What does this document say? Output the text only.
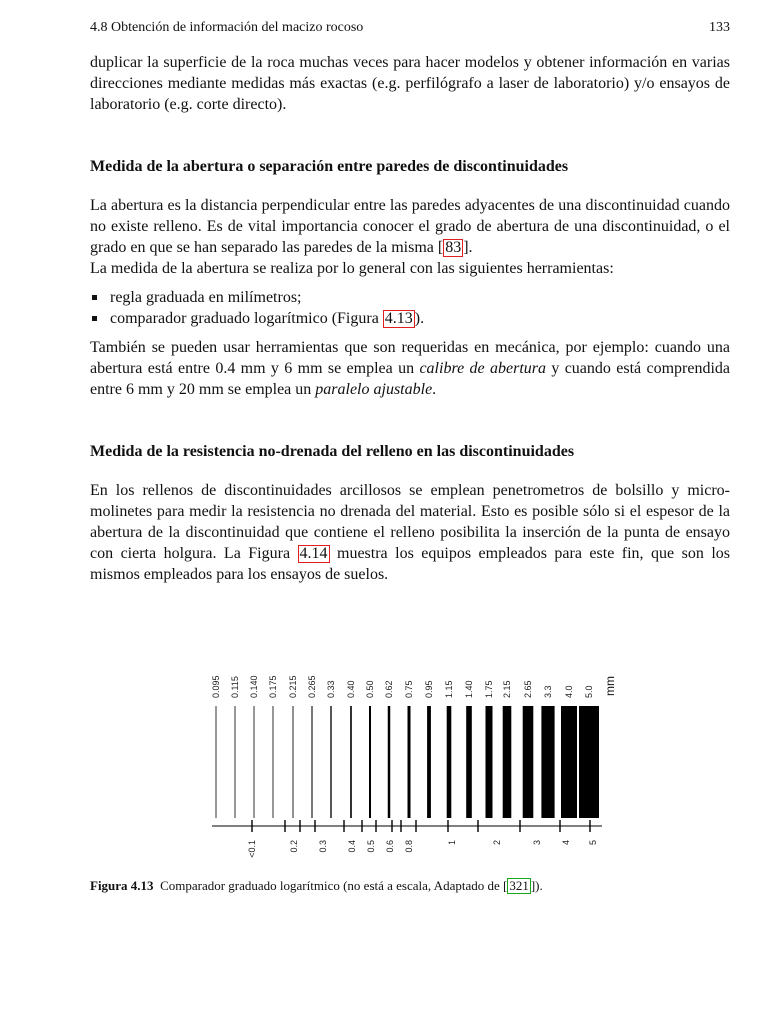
4.8 Obtención de información del macizo rocoso	133

duplicar la superficie de la roca muchas veces para hacer modelos y obtener información en varias direcciones mediante medidas más exactas (e.g. perfilógrafo a laser de laboratorio) y/o ensayos de laboratorio (e.g. corte directo).

Medida de la abertura o separación entre paredes de discontinuidades

La abertura es la distancia perpendicular entre las paredes adyacentes de una discontinuidad cuando no existe relleno. Es de vital importancia conocer el grado de abertura de una discontinuidad, o el grado en que se han separado las paredes de la misma [ 83 ].

La medida de la abertura se realiza por lo general con las siguientes herramientas:

regla graduada en milímetros;
comparador graduado logarítmico (Figura 4.13 ).

También se pueden usar herramientas que son requeridas en mecánica, por ejemplo: cuando una abertura está entre 0.4 mm y 6 mm se emplea un calibre de abertura y cuando está comprendida entre 6 mm y 20 mm se emplea un paralelo ajustable.

Medida de la resistencia no-drenada del relleno en las discontinuidades

En los rellenos de discontinuidades arcillosos se emplean penetrometros de bolsillo y micro-molinetes para medir la resistencia no drenada del material. Esto es posible sólo si el espesor de la abertura de la discontinuidad que contiene el relleno posibilita la inserción de la punta de ensayo con cierta holgura. La Figura 4.14 muestra los equipos empleados para este fin, que son los mismos empleados para los ensayos de suelos.

0.095 0.115 0.140 0.175 0.215 0.265 0.33 0.40 0.50 0.62 0.75 0.95 1.15 1.40 1.75 2.15 2.65 3.3 4.0 5.0 mm
<0.1	0.2 0.3 0.4 0.5 0.6 0.8	1	2	3 4 5
Figura 4.13  Comparador graduado logarítmico (no está a escala, Adaptado de [ 321 ]).
